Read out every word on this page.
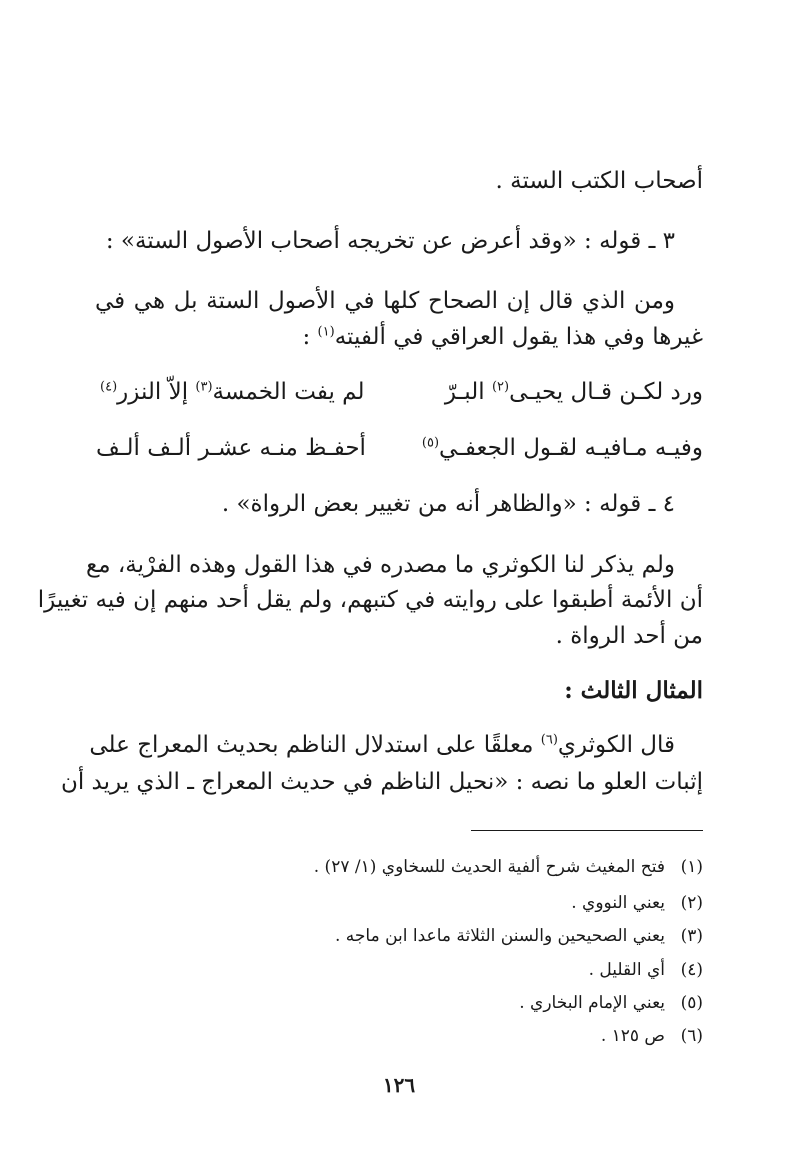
أصحاب الكتب الستة .
٣ ـ قوله : «وقد أعرض عن تخريجه أصحاب الأصول الستة» :
ومن الذي قال إن الصحاح كلها في الأصول الستة بل هي في
غيرها وفي هذا يقول العراقي في ألفيته$^{(١)}$ :
ورد لكـن قـال يحيـى$^{(٢)}$ البـرّ
لم يفت الخمسة$^{(٣)}$ إلاّ النزر$^{(٤)}$
وفيـه مـافيـه لقـول الجعفـي$^{(٥)}$
أحفـظ منـه عشـر ألـف ألـف
٤ ـ قوله : «والظاهر أنه من تغيير بعض الرواة» .
ولم يذكر لنا الكوثري ما مصدره في هذا القول وهذه الفرْية، مع
أن الأئمة أطبقوا على روايته في كتبهم، ولم يقل أحد منهم إن فيه تغييرًا
من أحد الرواة .
المثال الثالث :
قال الكوثري$^{(٦)}$ معلقًا على استدلال الناظم بحديث المعراج على
إثبات العلو ما نصه : «نحيل الناظم في حديث المعراج ـ الذي يريد أن
(١)فتح المغيث شرح ألفية الحديث للسخاوي (١/ ٢٧) .
(٢)يعني النووي .
(٣)يعني الصحيحين والسنن الثلاثة ماعدا ابن ماجه .
(٤)أي القليل .
(٥)يعني الإمام البخاري .
(٦)ص ١٢٥ .
١٢٦
